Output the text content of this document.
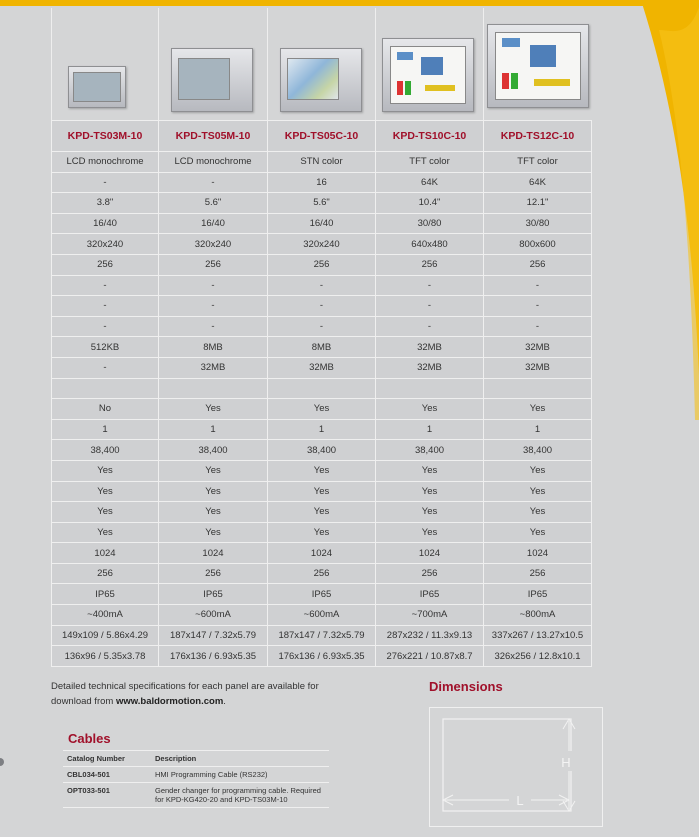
KPD-TS03M-10	KPD-TS05M-10	KPD-TS05C-10	KPD-TS10C-10	KPD-TS12C-10
LCD monochrome	LCD monochrome	STN color	TFT color	TFT color
-	-	16	64K	64K
3.8"	5.6"	5.6"	10.4"	12.1"
16/40	16/40	16/40	30/80	30/80
320x240	320x240	320x240	640x480	800x600
256	256	256	256	256
-	-	-	-	-
-	-	-	-	-
-	-	-	-	-
512KB	8MB	8MB	32MB	32MB
-	32MB	32MB	32MB	32MB

No	Yes	Yes	Yes	Yes
1	1	1	1	1
38,400	38,400	38,400	38,400	38,400
Yes	Yes	Yes	Yes	Yes
Yes	Yes	Yes	Yes	Yes
Yes	Yes	Yes	Yes	Yes
Yes	Yes	Yes	Yes	Yes
1024	1024	1024	1024	1024
256	256	256	256	256
IP65	IP65	IP65	IP65	IP65
~400mA	~600mA	~600mA	~700mA	~800mA
149x109 / 5.86x4.29	187x147 / 7.32x5.79	187x147 / 7.32x5.79	287x232 / 11.3x9.13	337x267 / 13.27x10.5
136x96 / 5.35x3.78	176x136 / 6.93x5.35	176x136 / 6.93x5.35	276x221 / 10.87x8.7	326x256 / 12.8x10.1
Detailed technical specifications for each panel are available for download from www.baldormotion.com.
Cables
Catalog Number	Description
CBL034-501	HMI Programming Cable (RS232)
OPT033-501	Gender changer for programming cable. Required for KPD-KG420-20 and KPD-TS03M-10
Dimensions
H
L
